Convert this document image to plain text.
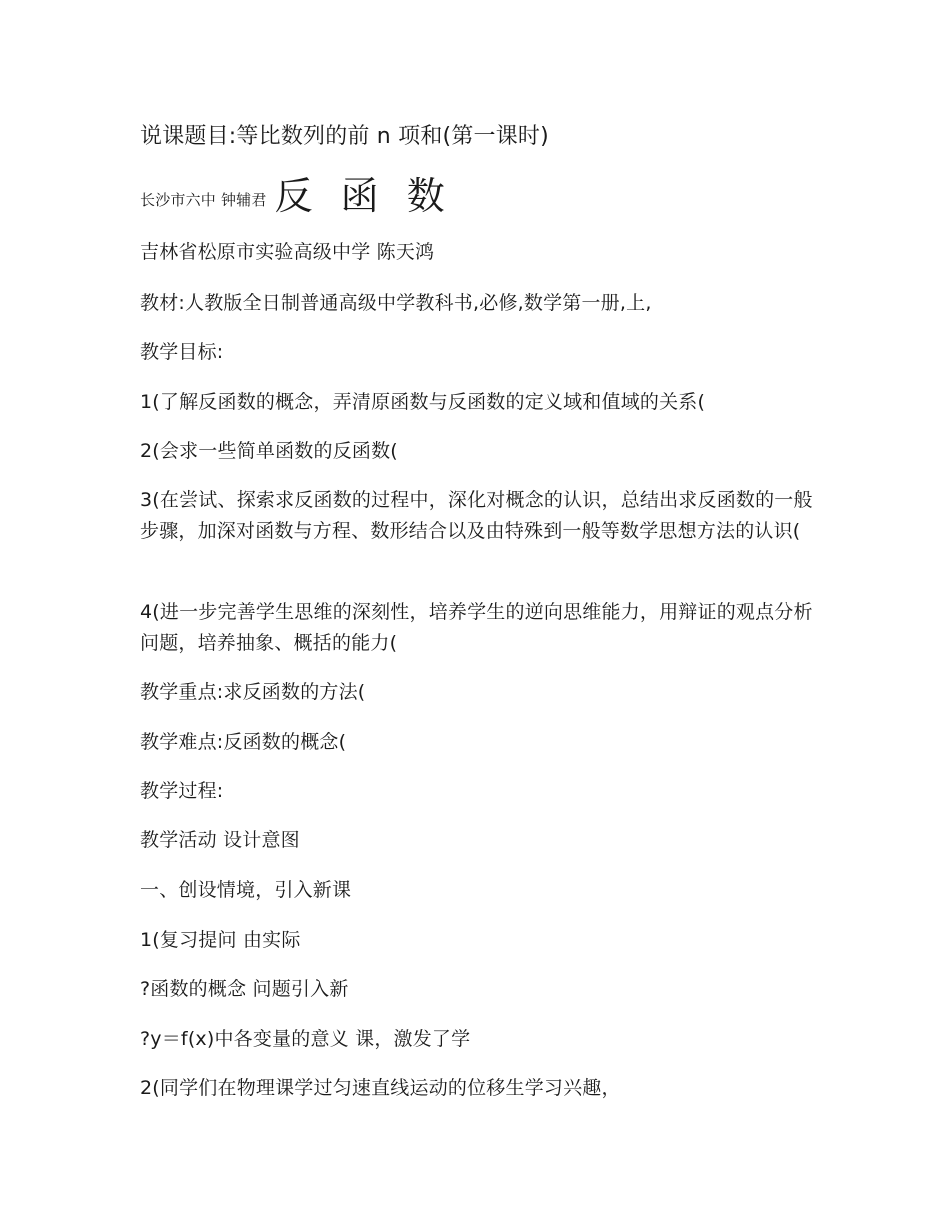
说课题目:等比数列的前 n 项和(第一课时)
长沙市六中 钟辅君 反 函 数
吉林省松原市实验高级中学 陈天鸿
教材:人教版全日制普通高级中学教科书,必修,数学第一册,上,
教学目标:
1(了解反函数的概念，弄清原函数与反函数的定义域和值域的关系(
2(会求一些简单函数的反函数(
3(在尝试、探索求反函数的过程中，深化对概念的认识，总结出求反函数的一般步骤，加深对函数与方程、数形结合以及由特殊到一般等数学思想方法的认识(
4(进一步完善学生思维的深刻性，培养学生的逆向思维能力，用辩证的观点分析问题，培养抽象、概括的能力(
教学重点:求反函数的方法(
教学难点:反函数的概念(
教学过程:
教学活动 设计意图
一、创设情境，引入新课
1(复习提问 由实际
?函数的概念 问题引入新
?y＝f(x)中各变量的意义 课，激发了学
2(同学们在物理课学过匀速直线运动的位移生学习兴趣，
